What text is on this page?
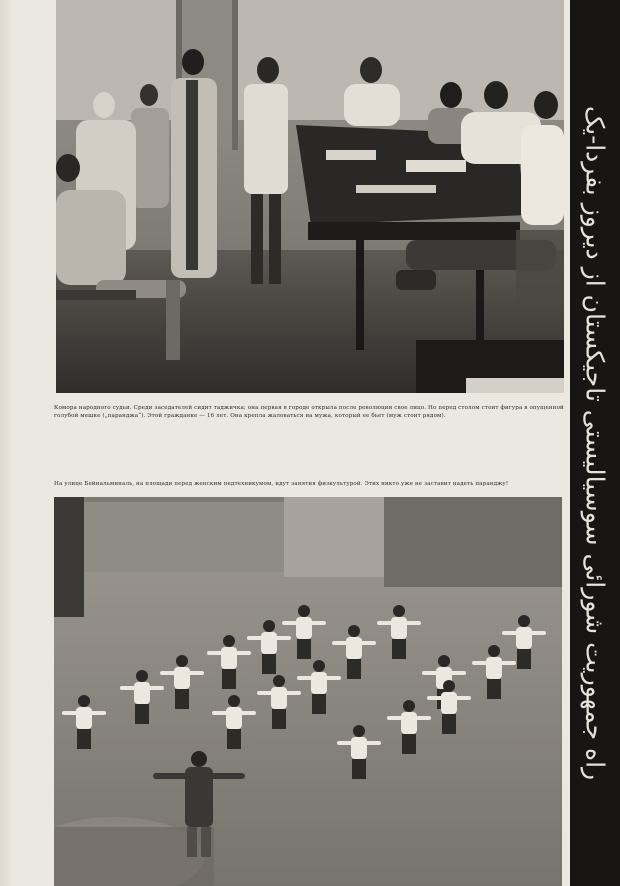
Комора народного судьи. Среди заседателей сидит таджичка; она первая в городе открыла после революции свое лицо. Но перед столом стоит фигура в опущенной голубой мешке („паранджа“). Этой гражданке — 16 лет. Она крепла жаловаться на мужа, который ее бьет (муж стоит рядом).

На улице Бейнальминаль, на площади перед женским педтехникумом, идут занятия физкультурой. Этих никто уже не заставит надеть паранджу!	راه جمهوریت شورائی سوسیالیستی تاجیکستان از دیروز بفردا-یک
